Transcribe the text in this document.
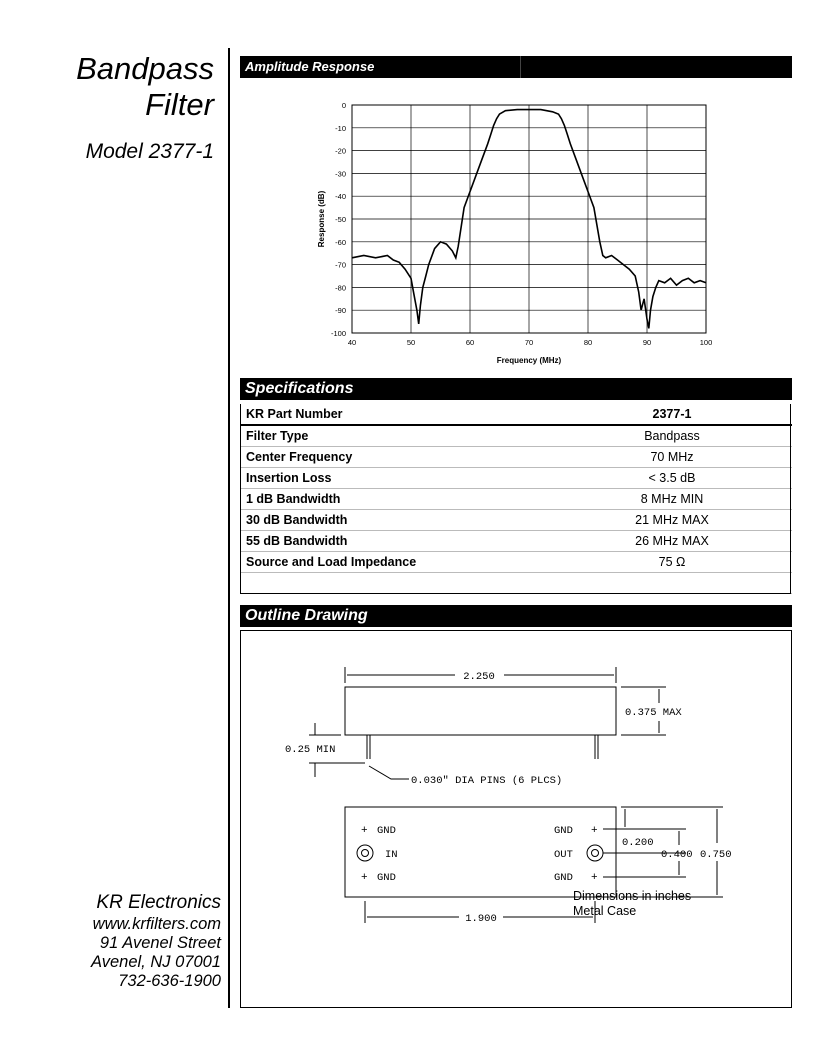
Bandpass
Filter
Model 2377-1
KR Electronics
www.krfilters.com
91 Avenel Street
Avenel, NJ 07001
732-636-1900
Amplitude Response
40	50	60	70	80	90	100
0
-10
-20
-30
-40
-50
-60
-70
-80
-90
-100
Frequency (MHz)
Response (dB)
Specifications
KR Part Number	2377-1
Filter Type	Bandpass
Center Frequency	70 MHz
Insertion Loss	< 3.5 dB
1 dB Bandwidth	8 MHz MIN
30 dB Bandwidth	21 MHz MAX
55 dB Bandwidth	26 MHz MAX
Source and Load Impedance	75 Ω

Outline Drawing
2.250
0.375 MAX
0.25 MIN
0.030" DIA PINS (6 PLCS)
+ GND
IN
+ GND
GND +
OUT
GND +
0.200
0.400 0.750
1.900
Dimensions in inches
Metal Case
